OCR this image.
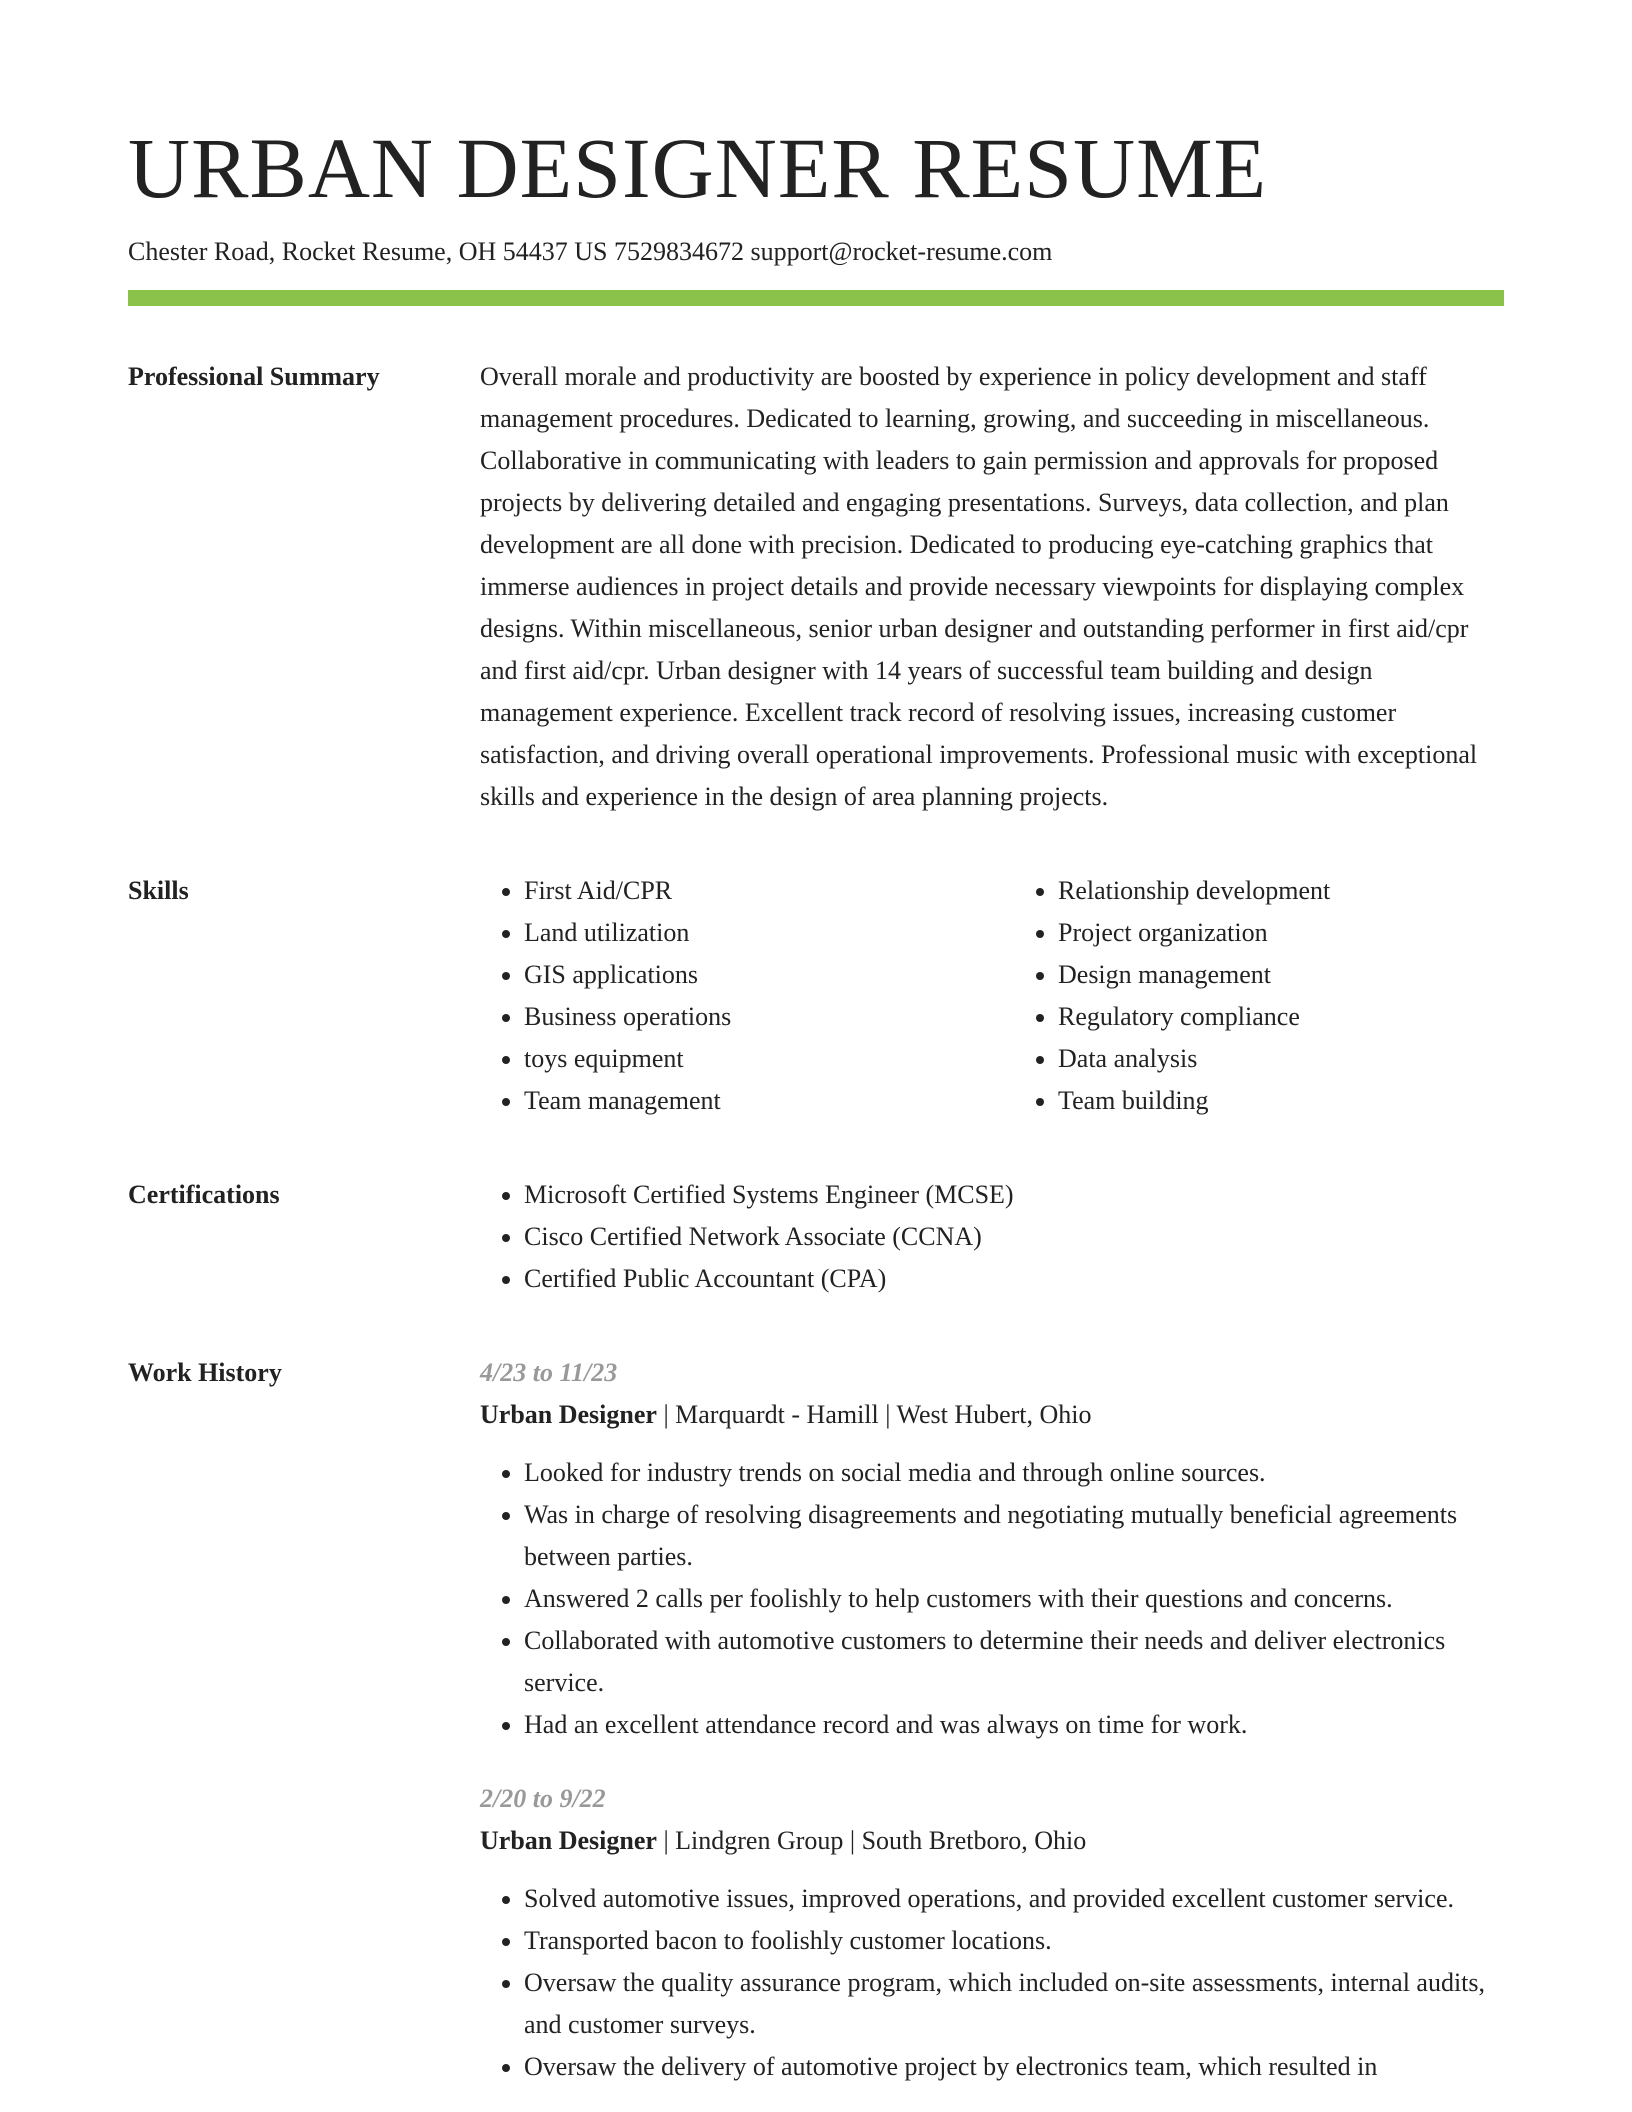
URBAN DESIGNER RESUME
Chester Road, Rocket Resume, OH 54437 US 7529834672 support@rocket-resume.com
Professional Summary	Overall morale and productivity are boosted by experience in policy development and staff management procedures. Dedicated to learning, growing, and succeeding in miscellaneous. Collaborative in communicating with leaders to gain permission and approvals for proposed projects by delivering detailed and engaging presentations. Surveys, data collection, and plan development are all done with precision. Dedicated to producing eye-catching graphics that immerse audiences in project details and provide necessary viewpoints for displaying complex designs. Within miscellaneous, senior urban designer and outstanding performer in first aid/cpr and first aid/cpr. Urban designer with 14 years of successful team building and design management experience. Excellent track record of resolving issues, increasing customer satisfaction, and driving overall operational improvements. Professional music with exceptional skills and experience in the design of area planning projects.

Skills	• First Aid/CPR
• Land utilization
• GIS applications
• Business operations
• toys equipment
• Team management
• Relationship development
• Project organization
• Design management
• Regulatory compliance
• Data analysis
• Team building
Certifications	• Microsoft Certified Systems Engineer (MCSE)
• Cisco Certified Network Associate (CCNA)
• Certified Public Accountant (CPA)
Work History	4/23 to 11/23
Urban Designer | Marquardt - Hamill | West Hubert, Ohio
• Looked for industry trends on social media and through online sources.
• Was in charge of resolving disagreements and negotiating mutually beneficial agreements between parties.
• Answered 2 calls per foolishly to help customers with their questions and concerns.
• Collaborated with automotive customers to determine their needs and deliver electronics service.
• Had an excellent attendance record and was always on time for work.
2/20 to 9/22
Urban Designer | Lindgren Group | South Bretboro, Ohio
• Solved automotive issues, improved operations, and provided excellent customer service.
• Transported bacon to foolishly customer locations.
• Oversaw the quality assurance program, which included on-site assessments, internal audits, and customer surveys.
• Oversaw the delivery of automotive project by electronics team, which resulted in
